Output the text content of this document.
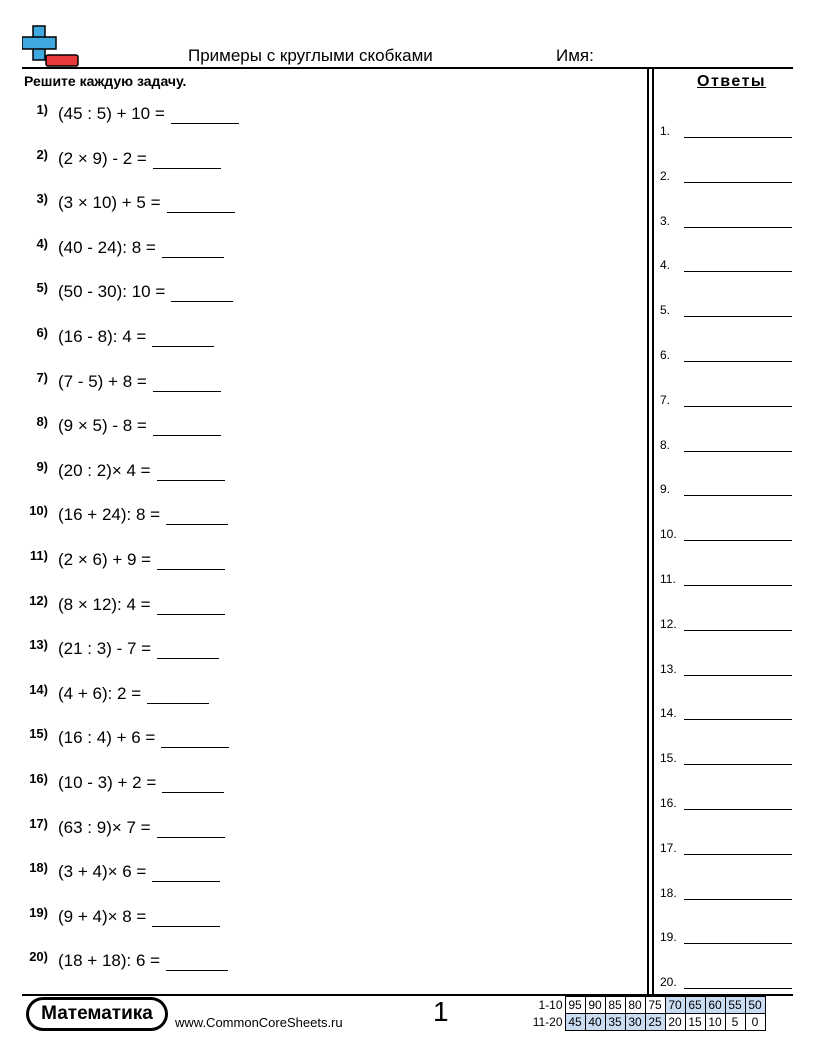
Примеры с круглыми скобками	Имя:
Решите каждую задачу.
1) (45 : 5) + 10 =
2) (2 × 9) - 2 =
3) (3 × 10) + 5 =
4) (40 - 24): 8 =
5) (50 - 30): 10 =
6) (16 - 8): 4 =
7) (7 - 5) + 8 =
8) (9 × 5) - 8 =
9) (20 : 2)× 4 =
10) (16 + 24): 8 =
11) (2 × 6) + 9 =
12) (8 × 12): 4 =
13) (21 : 3) - 7 =
14) (4 + 6): 2 =
15) (16 : 4) + 6 =
16) (10 - 3) + 2 =
17) (63 : 9)× 7 =
18) (3 + 4)× 6 =
19) (9 + 4)× 8 =
20) (18 + 18): 6 =
Ответы
1.
2.
3.
4.
5.
6.
7.
8.
9.
10.
11.
12.
13.
14.
15.
16.
17.
18.
19.
20.
Математика	www.CommonCoreSheets.ru	1	1-10	95	90	85	80	75	70	65	60	55	50
11-20	45	40	35	30	25	20	15	10	5	0
